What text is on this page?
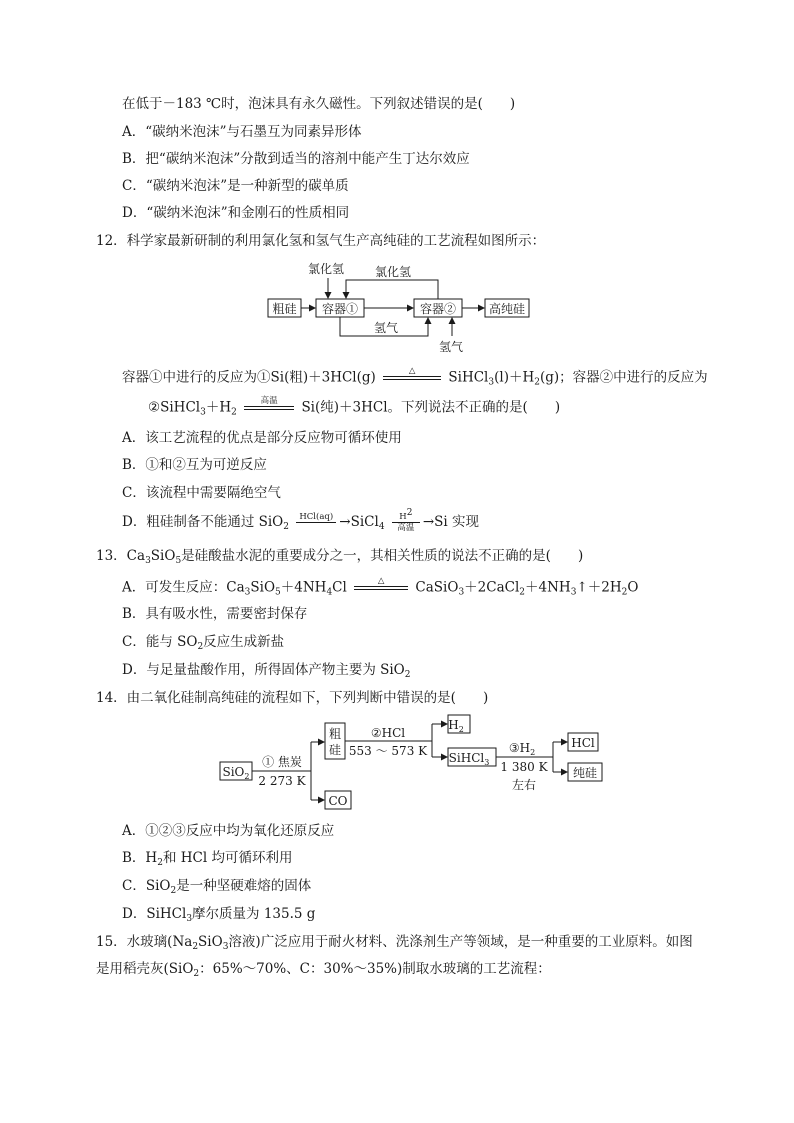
在低于－183 ℃时，泡沫具有永久磁性。下列叙述错误的是(　　)
A．“碳纳米泡沫”与石墨互为同素异形体
B．把“碳纳米泡沫”分散到适当的溶剂中能产生丁达尔效应
C．“碳纳米泡沫”是一种新型的碳单质
D．“碳纳米泡沫”和金刚石的性质相同
12．科学家最新研制的利用氯化氢和氢气生产高纯硅的工艺流程如图所示：
粗硅 容器①	容器②	高纯硅
氯化氢	氯化氢
氢气
氢气
SiO$_2$
① 焦炭
2 273 K
粗
硅
CO
②HCl
553 ～ 573 K
$H_2$
SiHCl$_3$
$③H_2$
1 380 K
左右
HCl
纯硅
容器①中进行的反应为①Si(粗)＋3HCl(g)	△
	$SiHCl_3(l)+H_2(g)$；容器②中进行的反应为
$②SiHCl_3+H_2$
高温
	Si(纯)＋3HCl。下列说法不正确的是(　　)
A．该工艺流程的优点是部分反应物可循环使用
B．①和②互为可逆反应
C．该流程中需要隔绝空气
D．粗硅制备不能通过 SiO$_2$
HCl(aq)
→SiCl$_4$
$H^2$
高温 →Si 实现
13．$Ca_3SiO_5$是硅酸盐水泥的重要成分之一，其相关性质的说法不正确的是(　　)
A．可发生反应：$Ca_3SiO_5+4NH_4Cl$	△
	$CaSiO_3+2CaCl_2+4NH_3↑+2H_2O$
B．具有吸水性，需要密封保存
C．能与 $SO_2$反应生成新盐
D．与足量盐酸作用，所得固体产物主要为 SiO$_2$
14．由二氧化硅制高纯硅的流程如下，下列判断中错误的是(　　)
A．①②③反应中均为氧化还原反应
B．$H_2$和 HCl 均可循环利用
C．SiO$_2$是一种坚硬难熔的固体
D．SiHCl$_3$摩尔质量为 135.5 g
15．水玻璃($Na_2SiO_3$溶液)广泛应用于耐火材料、洗涤剂生产等领域，是一种重要的工业原料。如图
是用稻壳灰(SiO$_2$：65%～70%、C：30%～35%)制取水玻璃的工艺流程：
